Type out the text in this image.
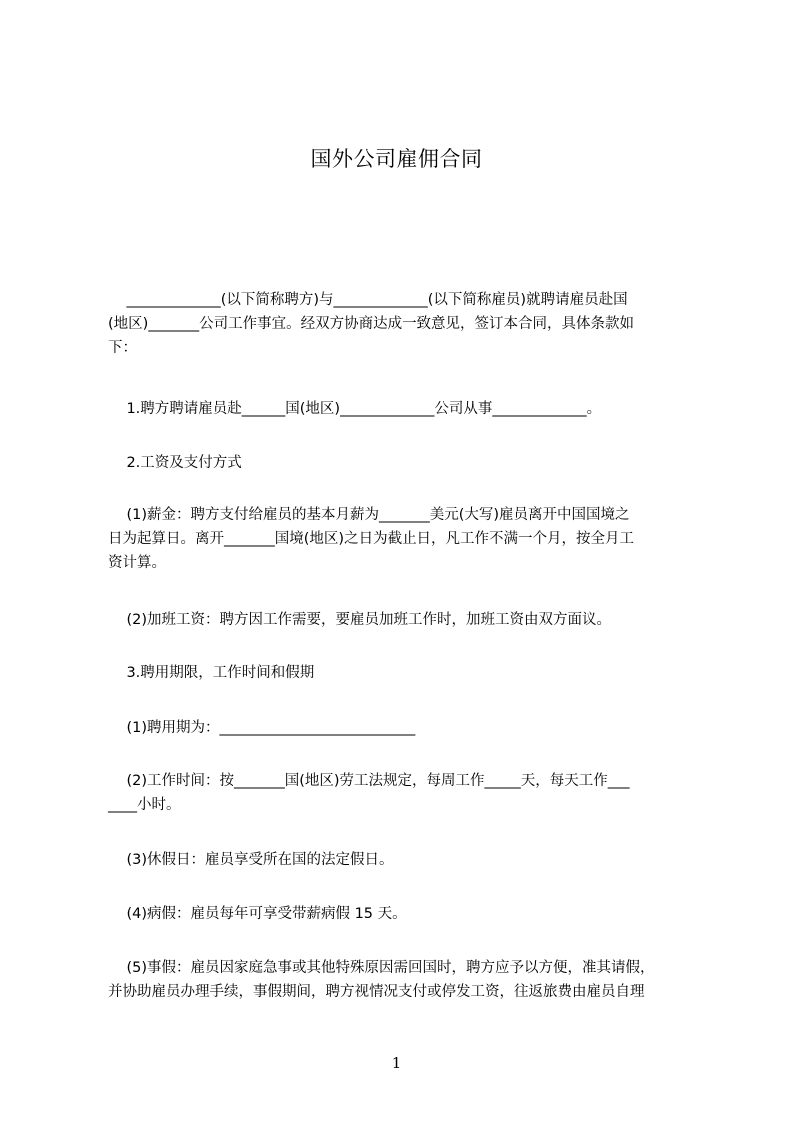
国外公司雇佣合同

_____________(以下简称聘方)与_____________(以下简称雇员)就聘请雇员赴国
(地区)_______公司工作事宜。经双方协商达成一致意见，签订本合同，具体条款如
下：

1.聘方聘请雇员赴______国(地区)_____________公司从事_____________。

2.工资及支付方式

(1)薪金：聘方支付给雇员的基本月薪为_______美元(大写)雇员离开中国国境之
日为起算日。离开_______国境(地区)之日为截止日，凡工作不满一个月，按全月工
资计算。

(2)加班工资：聘方因工作需要，要雇员加班工作时，加班工资由双方面议。

3.聘用期限，工作时间和假期

(1)聘用期为：___________________________

(2)工作时间：按_______国(地区)劳工法规定，每周工作_____天，每天工作___
____小时。

(3)休假日：雇员享受所在国的法定假日。

(4)病假：雇员每年可享受带薪病假 15 天。

(5)事假：雇员因家庭急事或其他特殊原因需回国时，聘方应予以方便，准其请假，
并协助雇员办理手续，事假期间，聘方视情况支付或停发工资，往返旅费由雇员自理

1
